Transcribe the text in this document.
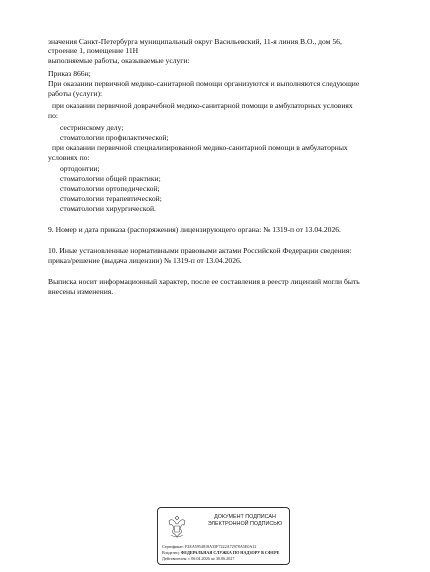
значения Санкт-Петербурга муниципальный округ Васильевский, 11-я линия В.О., дом 56,
строение 1, помещение 11Н
выполняемые работы, оказываемые услуги:
Приказ 866н;
При оказании первичной медико-санитарной помощи организуются и выполняются следующие
работы (услуги):
при оказании первичной доврачебной медико-санитарной помощи в амбулаторных условиях
по:
сестринскому делу;
стоматологии профилактической;
при оказании первичной специализированной медико-санитарной помощи в амбулаторных
условиях по:
ортодонтии;
стоматологии общей практики;
стоматологии ортопедической;
стоматологии терапевтической;
стоматологии хирургической.
9. Номер и дата приказа (распоряжения) лицензирующего органа: № 1319-п от 13.04.2026.
10. Иные установленные нормативными правовыми актами Российской Федерации сведения:
приказ/решение (выдача лицензии) № 1319-п от 13.04.2026.
Выписка носит информационный характер, после ее составления в реестр лицензий могли быть
внесены изменения.
ДОКУМЕНТ ПОДПИСАН
ЭЛЕКТРОННОЙ ПОДПИСЬЮ
Сертификат: F2EA5954818A35F7222A72978A5E0A12
Владелец: ФЕДЕРАЛЬНАЯ СЛУЖБА ПО НАДЗОРУ В СФЕРЕ
Действителен: с 06.04.2026 по 30.06.2027
